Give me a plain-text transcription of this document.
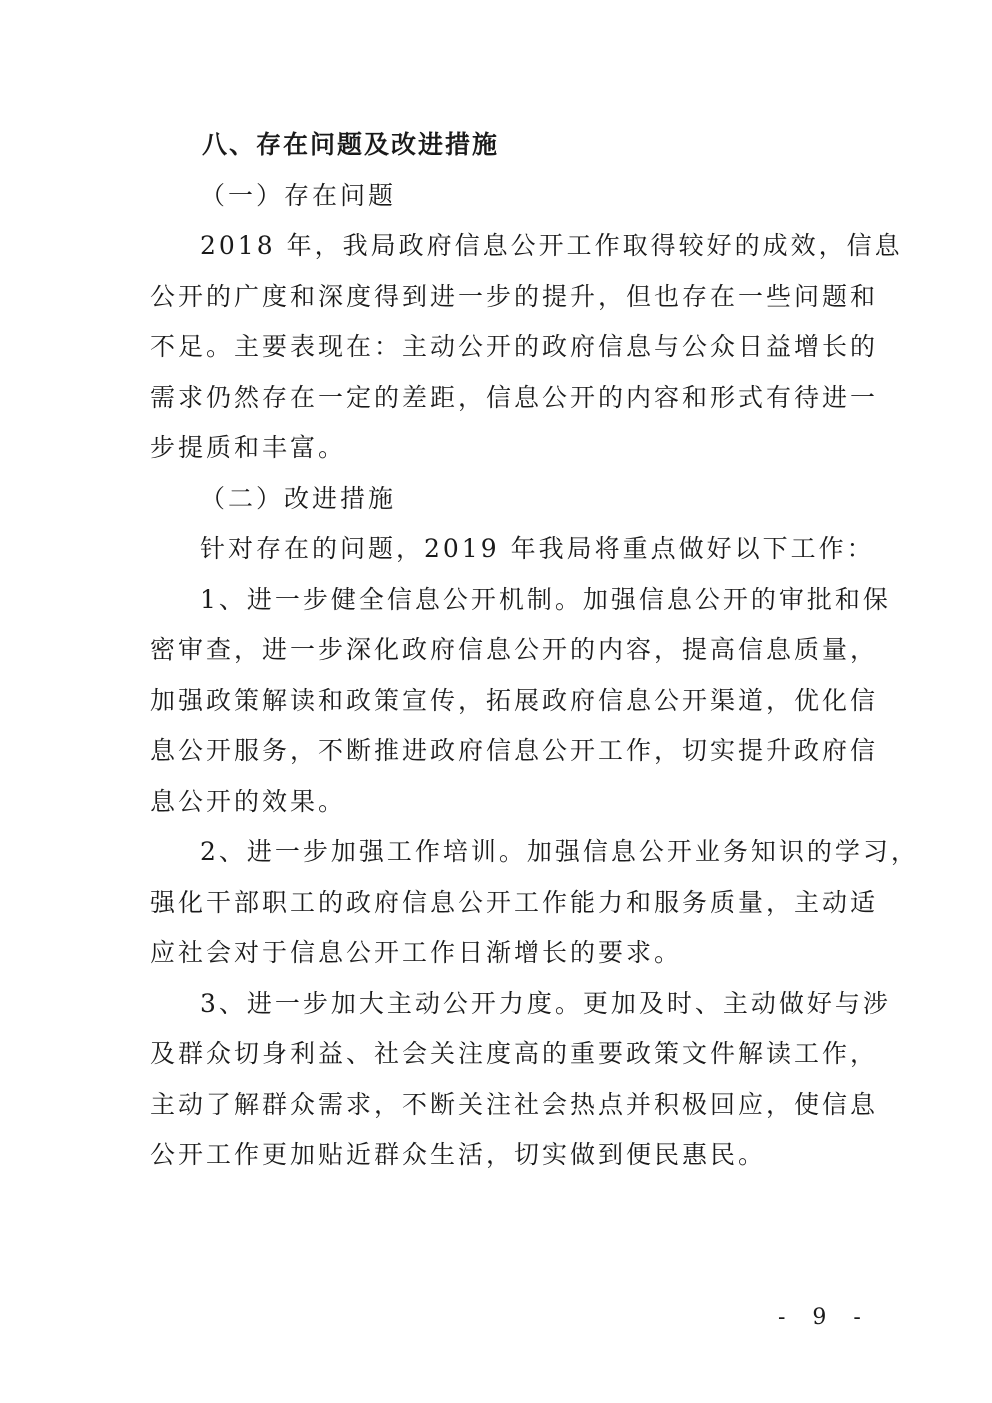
八、存在问题及改进措施
（一）存在问题
2018 年，我局政府信息公开工作取得较好的成效，信息
公开的广度和深度得到进一步的提升，但也存在一些问题和
不足。主要表现在：主动公开的政府信息与公众日益增长的
需求仍然存在一定的差距，信息公开的内容和形式有待进一
步提质和丰富。
（二）改进措施
针对存在的问题，2019 年我局将重点做好以下工作：
1、进一步健全信息公开机制。加强信息公开的审批和保
密审查，进一步深化政府信息公开的内容，提高信息质量，
加强政策解读和政策宣传，拓展政府信息公开渠道，优化信
息公开服务，不断推进政府信息公开工作，切实提升政府信
息公开的效果。
2、进一步加强工作培训。加强信息公开业务知识的学习，
强化干部职工的政府信息公开工作能力和服务质量，主动适
应社会对于信息公开工作日渐增长的要求。
3、进一步加大主动公开力度。更加及时、主动做好与涉
及群众切身利益、社会关注度高的重要政策文件解读工作，
主动了解群众需求，不断关注社会热点并积极回应，使信息
公开工作更加贴近群众生活，切实做到便民惠民。
- 9 -
